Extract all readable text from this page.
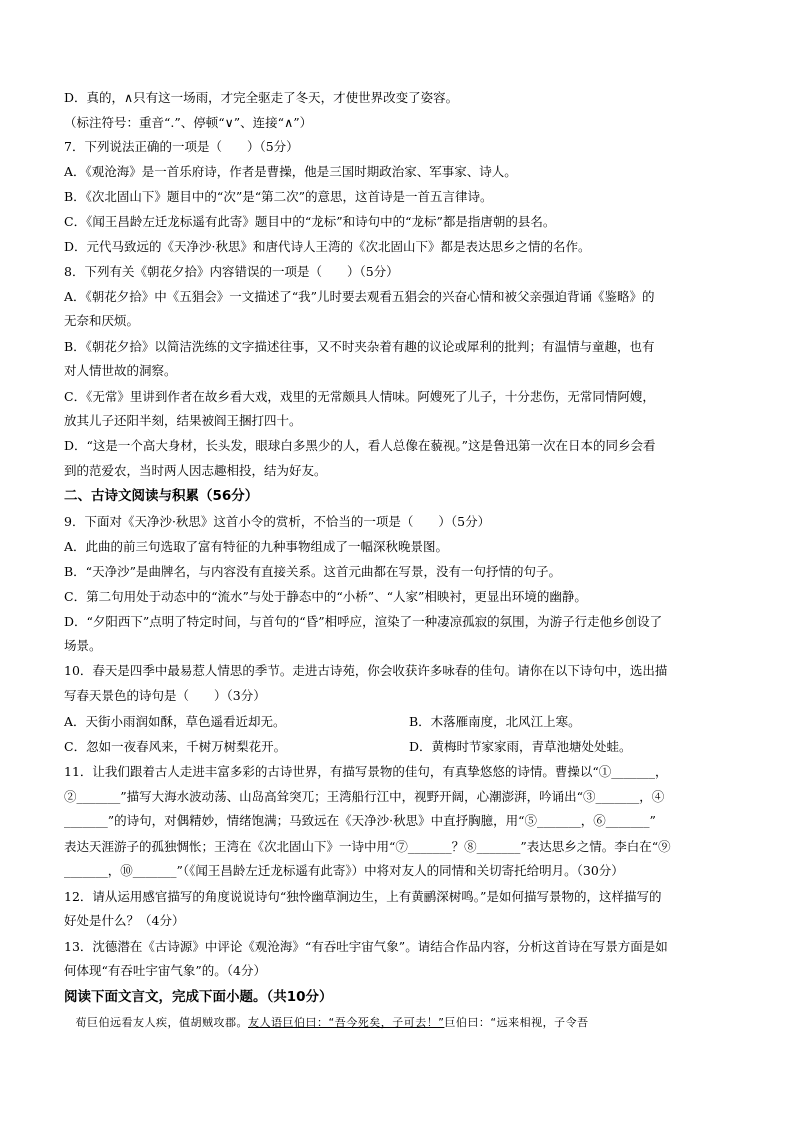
D．真的，∧只有这一场雨，才完全驱走了冬天，才使世界改变了姿容。
（标注符号：重音“.”、停顿“∨”、连接“∧”）
7．下列说法正确的一项是（　　）（5分）
A．《观沧海》是一首乐府诗，作者是曹操，他是三国时期政治家、军事家、诗人。
B．《次北固山下》题目中的“次”是“第二次”的意思，这首诗是一首五言律诗。
C．《闻王昌龄左迁龙标遥有此寄》题目中的“龙标”和诗句中的“龙标”都是指唐朝的县名。
D．元代马致远的《天净沙·秋思》和唐代诗人王湾的《次北固山下》都是表达思乡之情的名作。
8．下列有关《朝花夕拾》内容错误的一项是（　　）（5分）
A．《朝花夕拾》中《五猖会》一文描述了“我”儿时要去观看五猖会的兴奋心情和被父亲强迫背诵《鉴略》的
无奈和厌烦。
B．《朝花夕拾》以简洁洗练的文字描述往事，又不时夹杂着有趣的议论或犀利的批判；有温情与童趣，也有
对人情世故的洞察。
C．《无常》里讲到作者在故乡看大戏，戏里的无常颇具人情味。阿嫂死了儿子，十分悲伤，无常同情阿嫂，
放其儿子还阳半刻，结果被阎王捆打四十。
D．“这是一个高大身材，长头发，眼球白多黑少的人，看人总像在藐视。”这是鲁迅第一次在日本的同乡会看
到的范爱农，当时两人因志趣相投，结为好友。
二、古诗文阅读与积累（56分）
9．下面对《天净沙·秋思》这首小令的赏析，不恰当的一项是（　　）（5分）
A．此曲的前三句选取了富有特征的九种事物组成了一幅深秋晚景图。
B．“天净沙”是曲牌名，与内容没有直接关系。这首元曲都在写景，没有一句抒情的句子。
C．第二句用处于动态中的“流水”与处于静态中的“小桥”、“人家”相映衬，更显出环境的幽静。
D．“夕阳西下”点明了特定时间，与首句的“昏”相呼应，渲染了一种凄凉孤寂的氛围，为游子行走他乡创设了
场景。
10．春天是四季中最易惹人情思的季节。走进古诗苑，你会收获许多咏春的佳句。请你在以下诗句中，选出描
写春天景色的诗句是（　　）（3分）
A．天街小雨润如酥，草色遥看近却无。	B．木落雁南度，北风江上寒。
C．忽如一夜春风来，千树万树梨花开。	D．黄梅时节家家雨，青草池塘处处蛙。
11．让我们跟着古人走进丰富多彩的古诗世界，有描写景物的佳句，有真挚悠悠的诗情。曹操以“①_______，
②_______”描写大海水波动荡、山岛高耸突兀；王湾船行江中，视野开阔，心潮澎湃，吟诵出“③_______，④
_______”的诗句，对偶精妙，情绪饱满；马致远在《天净沙·秋思》中直抒胸臆，用“⑤_______，⑥_______”
表达天涯游子的孤独惆怅；王湾在《次北固山下》一诗中用“⑦_______？⑧_______”表达思乡之情。李白在“⑨
_______，⑩_______”（《闻王昌龄左迁龙标遥有此寄》）中将对友人的同情和关切寄托给明月。（30分）
12．请从运用感官描写的角度说说诗句“独怜幽草涧边生，上有黄鹂深树鸣。”是如何描写景物的，这样描写的
好处是什么？（4分）
13．沈德潜在《古诗源》中评论《观沧海》“有吞吐宇宙气象”。请结合作品内容，分析这首诗在写景方面是如
何体现“有吞吐宇宙气象”的。（4分）
阅读下面文言文，完成下面小题。（共10分）
　荀巨伯远看友人疾，值胡贼攻郡。友人语巨伯曰：“吾今死矣，子可去！”巨伯曰：“远来相视，子令吾
